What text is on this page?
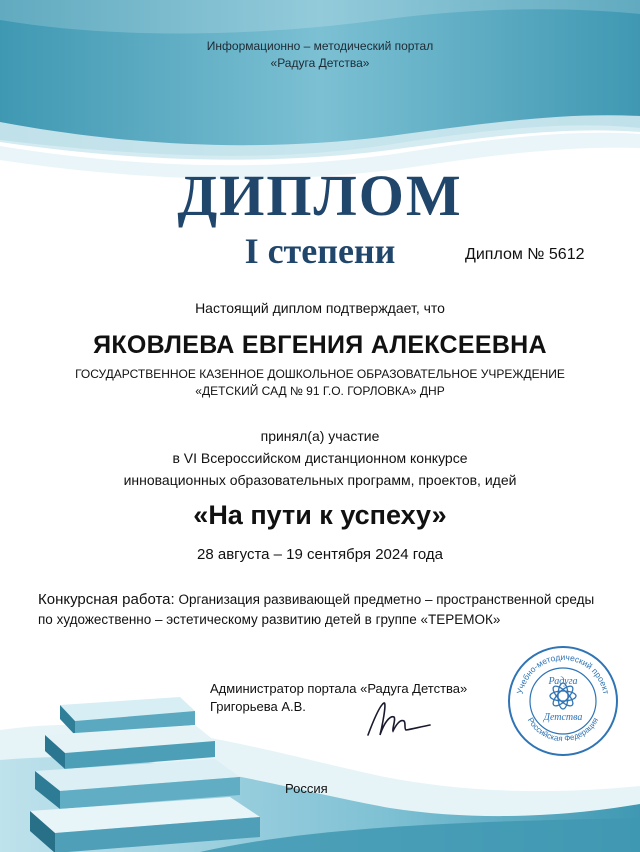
Информационно – методический портал
«Радуга Детства»
ДИПЛОМ
I степени	Диплом № 5612
Настоящий диплом подтверждает, что
ЯКОВЛЕВА ЕВГЕНИЯ АЛЕКСЕЕВНА
ГОСУДАРСТВЕННОЕ КАЗЕННОЕ ДОШКОЛЬНОЕ ОБРАЗОВАТЕЛЬНОЕ УЧРЕЖДЕНИЕ
«ДЕТСКИЙ САД № 91 Г.О. ГОРЛОВКА» ДНР
принял(а) участие
в VI Всероссийском дистанционном конкурсе
инновационных образовательных программ, проектов, идей
«На пути к успеху»
28 августа – 19 сентября 2024 года
Конкурсная работа: Организация развивающей предметно – пространственной среды по художественно – эстетическому развитию детей в группе «ТЕРЕМОК»
Администратор портала «Радуга Детства»
Григорьева А.В.
Учебно-методический проект
Российская Федерация
Радуга
Детства
Россия
